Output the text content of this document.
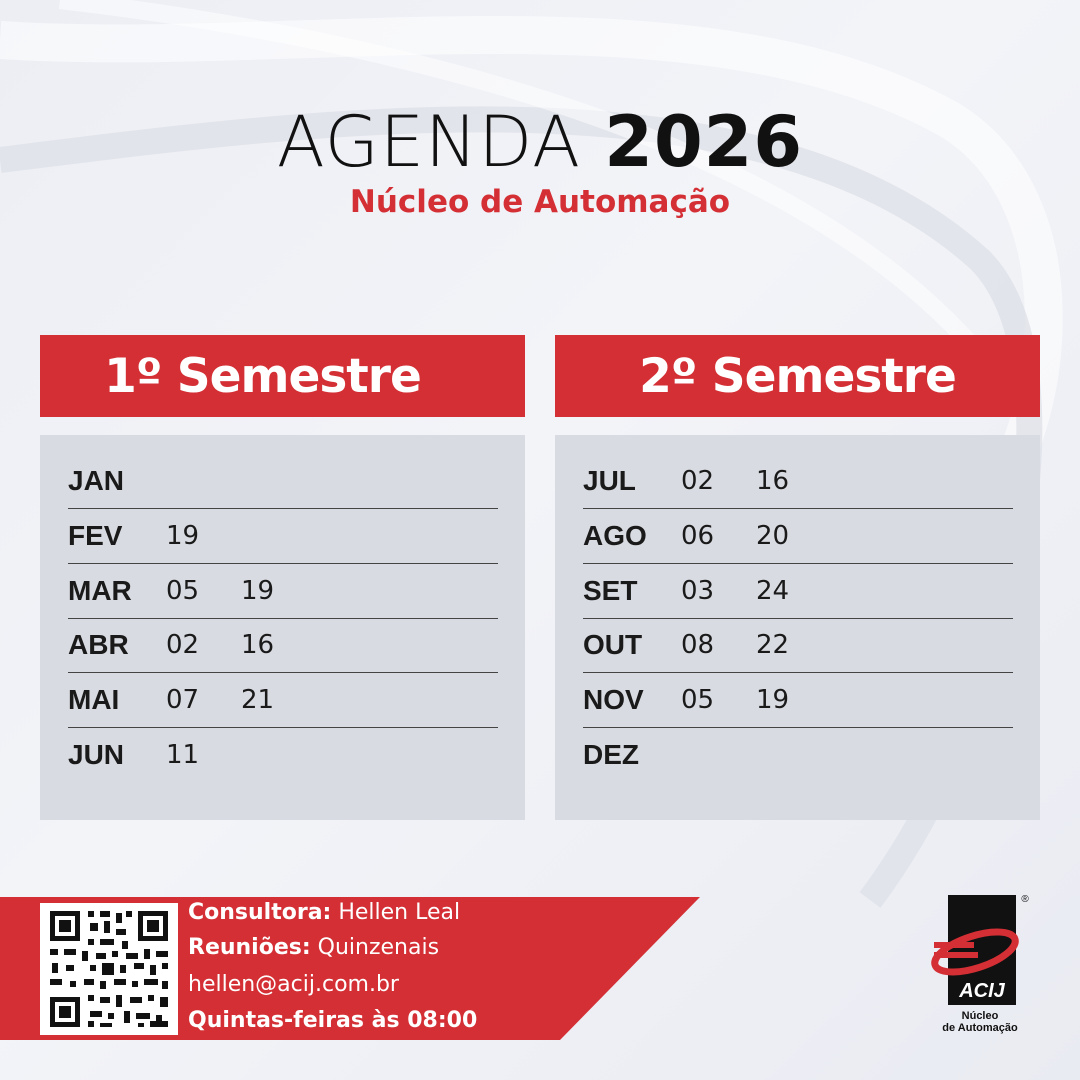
AGENDA 2026
Núcleo de Automação
1º Semestre	2º Semestre
JAN
FEV	19
MAR	05	19
ABR	02	16
MAI	07	21
JUN	11
JUL	02	16
AGO	06	20
SET	03	24
OUT	08	22
NOV	05	19
DEZ
Consultora: Hellen Leal
Reuniões: Quinzenais
hellen@acij.com.br
Quintas-feiras às 08:00
ACIJ
®
Núcleo
de Automação
